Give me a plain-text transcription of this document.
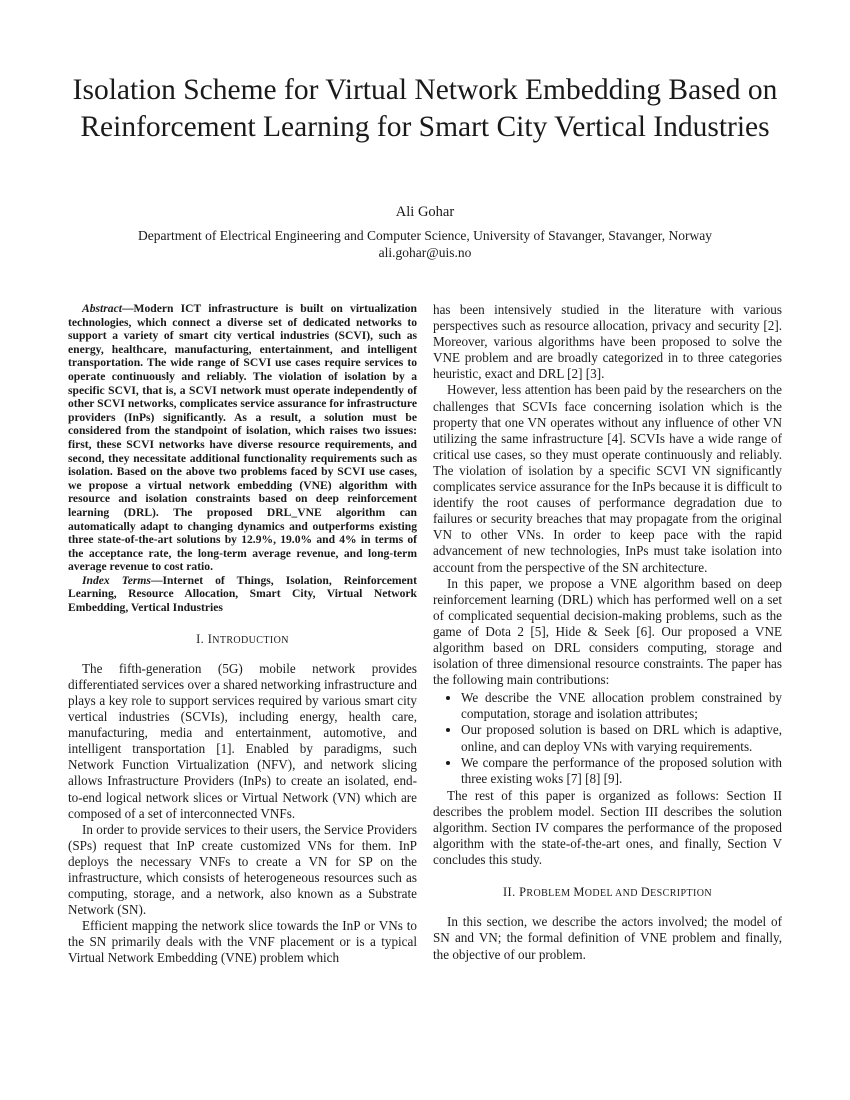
Isolation Scheme for Virtual Network Embedding Based on Reinforcement Learning for Smart City Vertical Industries
Ali Gohar
Department of Electrical Engineering and Computer Science, University of Stavanger, Stavanger, Norway
ali.gohar@uis.no

Abstract—Modern ICT infrastructure is built on virtualization technologies, which connect a diverse set of dedicated networks to support a variety of smart city vertical industries (SCVI), such as energy, healthcare, manufacturing, entertainment, and intelligent transportation. The wide range of SCVI use cases require services to operate continuously and reliably. The violation of isolation by a specific SCVI, that is, a SCVI network must operate independently of other SCVI networks, complicates service assurance for infrastructure providers (InPs) significantly. As a result, a solution must be considered from the standpoint of isolation, which raises two issues: first, these SCVI networks have diverse resource requirements, and second, they necessitate additional functionality requirements such as isolation. Based on the above two problems faced by SCVI use cases, we propose a virtual network embedding (VNE) algorithm with resource and isolation constraints based on deep reinforcement learning (DRL). The proposed DRL_VNE algorithm can automatically adapt to changing dynamics and outperforms existing three state-of-the-art solutions by 12.9%, 19.0% and 4% in terms of the acceptance rate, the long-term average revenue, and long-term average revenue to cost ratio.

Index Terms—Internet of Things, Isolation, Reinforcement Learning, Resource Allocation, Smart City, Virtual Network Embedding, Vertical Industries

I. INTRODUCTION

The fifth-generation (5G) mobile network provides differentiated services over a shared networking infrastructure and plays a key role to support services required by various smart city vertical industries (SCVIs), including energy, health care, manufacturing, media and entertainment, automotive, and intelligent transportation [1]. Enabled by paradigms, such Network Function Virtualization (NFV), and network slicing allows Infrastructure Providers (InPs) to create an isolated, end-to-end logical network slices or Virtual Network (VN) which are composed of a set of interconnected VNFs.

In order to provide services to their users, the Service Providers (SPs) request that InP create customized VNs for them. InP deploys the necessary VNFs to create a VN for SP on the infrastructure, which consists of heterogeneous resources such as computing, storage, and a network, also known as a Substrate Network (SN).

Efficient mapping the network slice towards the InP or VNs to the SN primarily deals with the VNF placement or is a typical Virtual Network Embedding (VNE) problem which

has been intensively studied in the literature with various perspectives such as resource allocation, privacy and security [2]. Moreover, various algorithms have been proposed to solve the VNE problem and are broadly categorized in to three categories heuristic, exact and DRL [2] [3].

However, less attention has been paid by the researchers on the challenges that SCVIs face concerning isolation which is the property that one VN operates without any influence of other VN utilizing the same infrastructure [4]. SCVIs have a wide range of critical use cases, so they must operate continuously and reliably. The violation of isolation by a specific SCVI VN significantly complicates service assurance for the InPs because it is difficult to identify the root causes of performance degradation due to failures or security breaches that may propagate from the original VN to other VNs. In order to keep pace with the rapid advancement of new technologies, InPs must take isolation into account from the perspective of the SN architecture.

In this paper, we propose a VNE algorithm based on deep reinforcement learning (DRL) which has performed well on a set of complicated sequential decision-making problems, such as the game of Dota 2 [5], Hide & Seek [6]. Our proposed a VNE algorithm based on DRL considers computing, storage and isolation of three dimensional resource constraints. The paper has the following main contributions:

• We describe the VNE allocation problem constrained by computation, storage and isolation attributes;
• Our proposed solution is based on DRL which is adaptive, online, and can deploy VNs with varying requirements.
• We compare the performance of the proposed solution with three existing woks [7] [8] [9].

The rest of this paper is organized as follows: Section II describes the problem model. Section III describes the solution algorithm. Section IV compares the performance of the proposed algorithm with the state-of-the-art ones, and finally, Section V concludes this study.

II. PROBLEM MODEL AND DESCRIPTION

In this section, we describe the actors involved; the model of SN and VN; the formal definition of VNE problem and finally, the objective of our problem.
